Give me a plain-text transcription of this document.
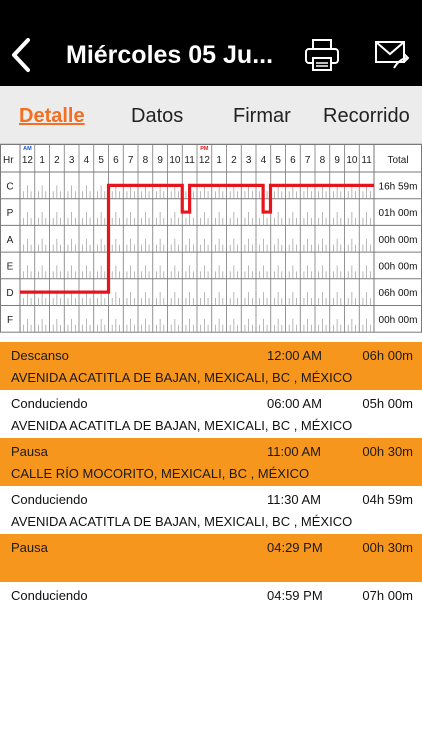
Miércoles 05 Ju...
Detalle Datos Firmar Recorrido
Hr 12 1 2 3 4 5 6 7 8 9 10 11 12 1 2 3 4 5 6 7 8 9 10 11
AM	PM
Total
C	16h 59m
P	01h 00m
A	00h 00m
E	00h 00m
D	06h 00m
F	00h 00m
Descanso	12:00 AM	06h 00m
AVENIDA ACATITLA DE BAJAN, MEXICALI, BC , MÉXICO
Conduciendo	06:00 AM	05h 00m
AVENIDA ACATITLA DE BAJAN, MEXICALI, BC , MÉXICO
Pausa	11:00 AM	00h 30m
CALLE RÍO MOCORITO, MEXICALI, BC , MÉXICO
Conduciendo	11:30 AM	04h 59m
AVENIDA ACATITLA DE BAJAN, MEXICALI, BC , MÉXICO
Pausa	04:29 PM	00h 30m
Conduciendo	04:59 PM	07h 00m
